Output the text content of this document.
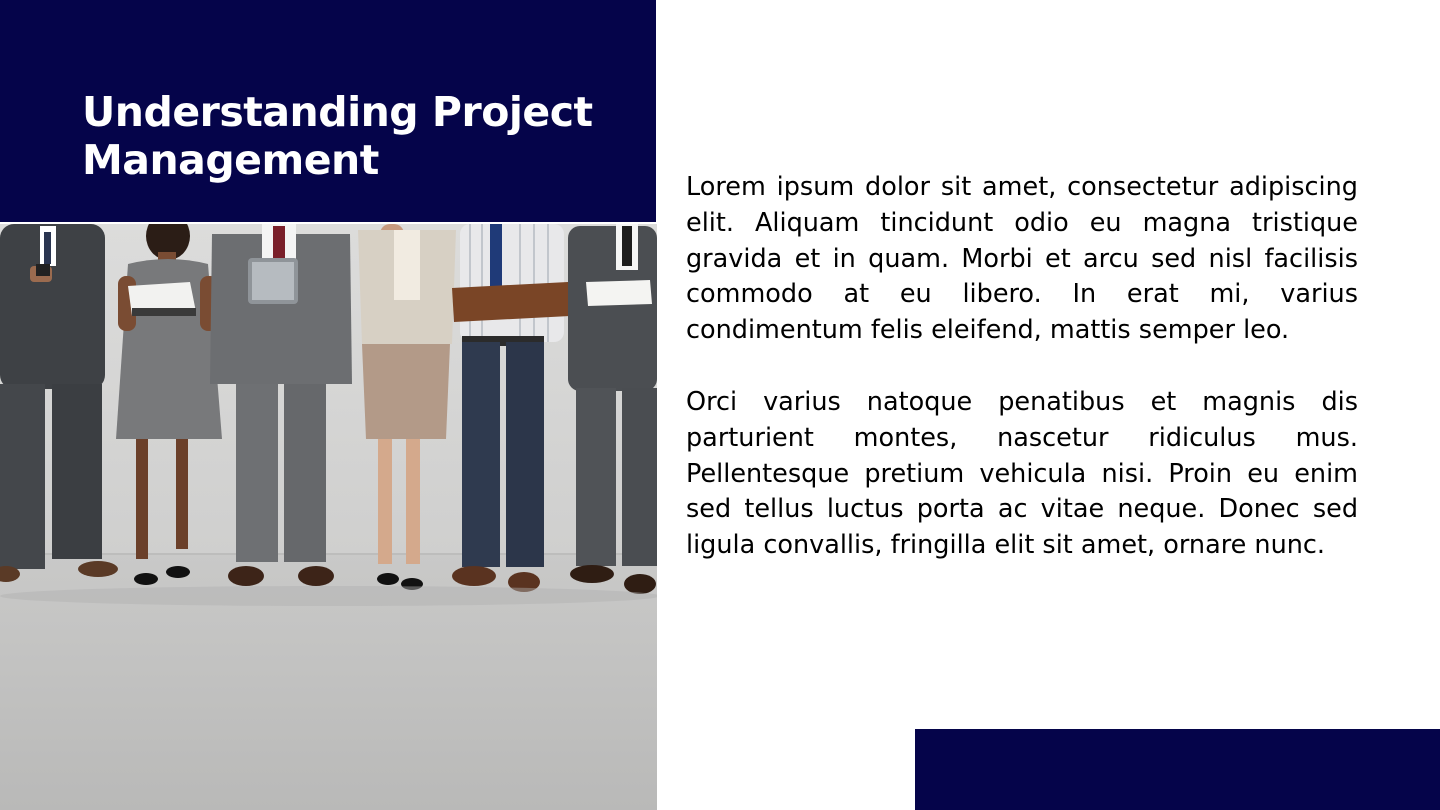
Understanding Project Management

Lorem ipsum dolor sit amet, consectetur adipiscing elit. Aliquam tincidunt odio eu magna tristique gravida et in quam. Morbi et arcu sed nisl facilisis commodo at eu libero. In erat mi, varius condimentum felis eleifend, mattis semper leo.

Orci varius natoque penatibus et magnis dis parturient montes, nascetur ridiculus mus. Pellentesque pretium vehicula nisi. Proin eu enim sed tellus luctus porta ac vitae neque. Donec sed ligula convallis, fringilla elit sit amet, ornare nunc.
